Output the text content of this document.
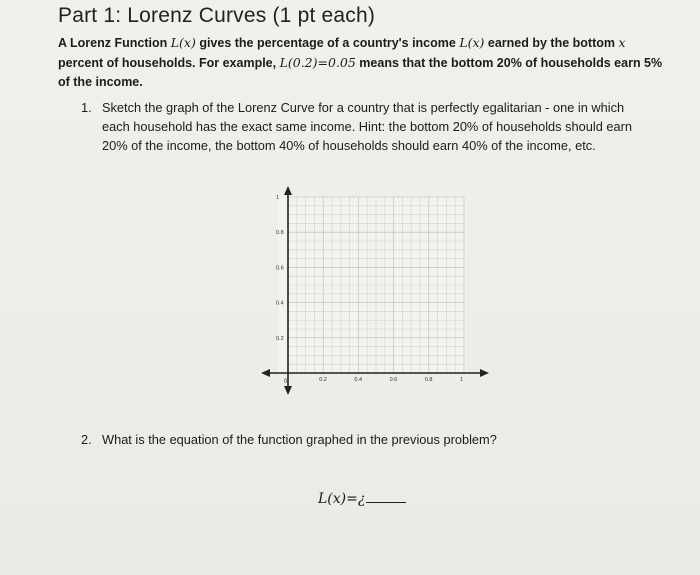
Part 1: Lorenz Curves (1 pt each)
A Lorenz Function L(x) gives the percentage of a country's income L(x) earned by the bottom x percent of households. For example, L(0.2)=0.05 means that the bottom 20% of households earn 5% of the income.
1. Sketch the graph of the Lorenz Curve for a country that is perfectly egalitarian - one in which each household has the exact same income. Hint: the bottom 20% of households should earn 20% of the income, the bottom 40% of households should earn 40% of the income, etc.
0	0.2	0.4	0.6	0.8	1
1
0.8
0.6
0.4
0.2
2. What is the equation of the function graphed in the previous problem?
L(x)=¿
